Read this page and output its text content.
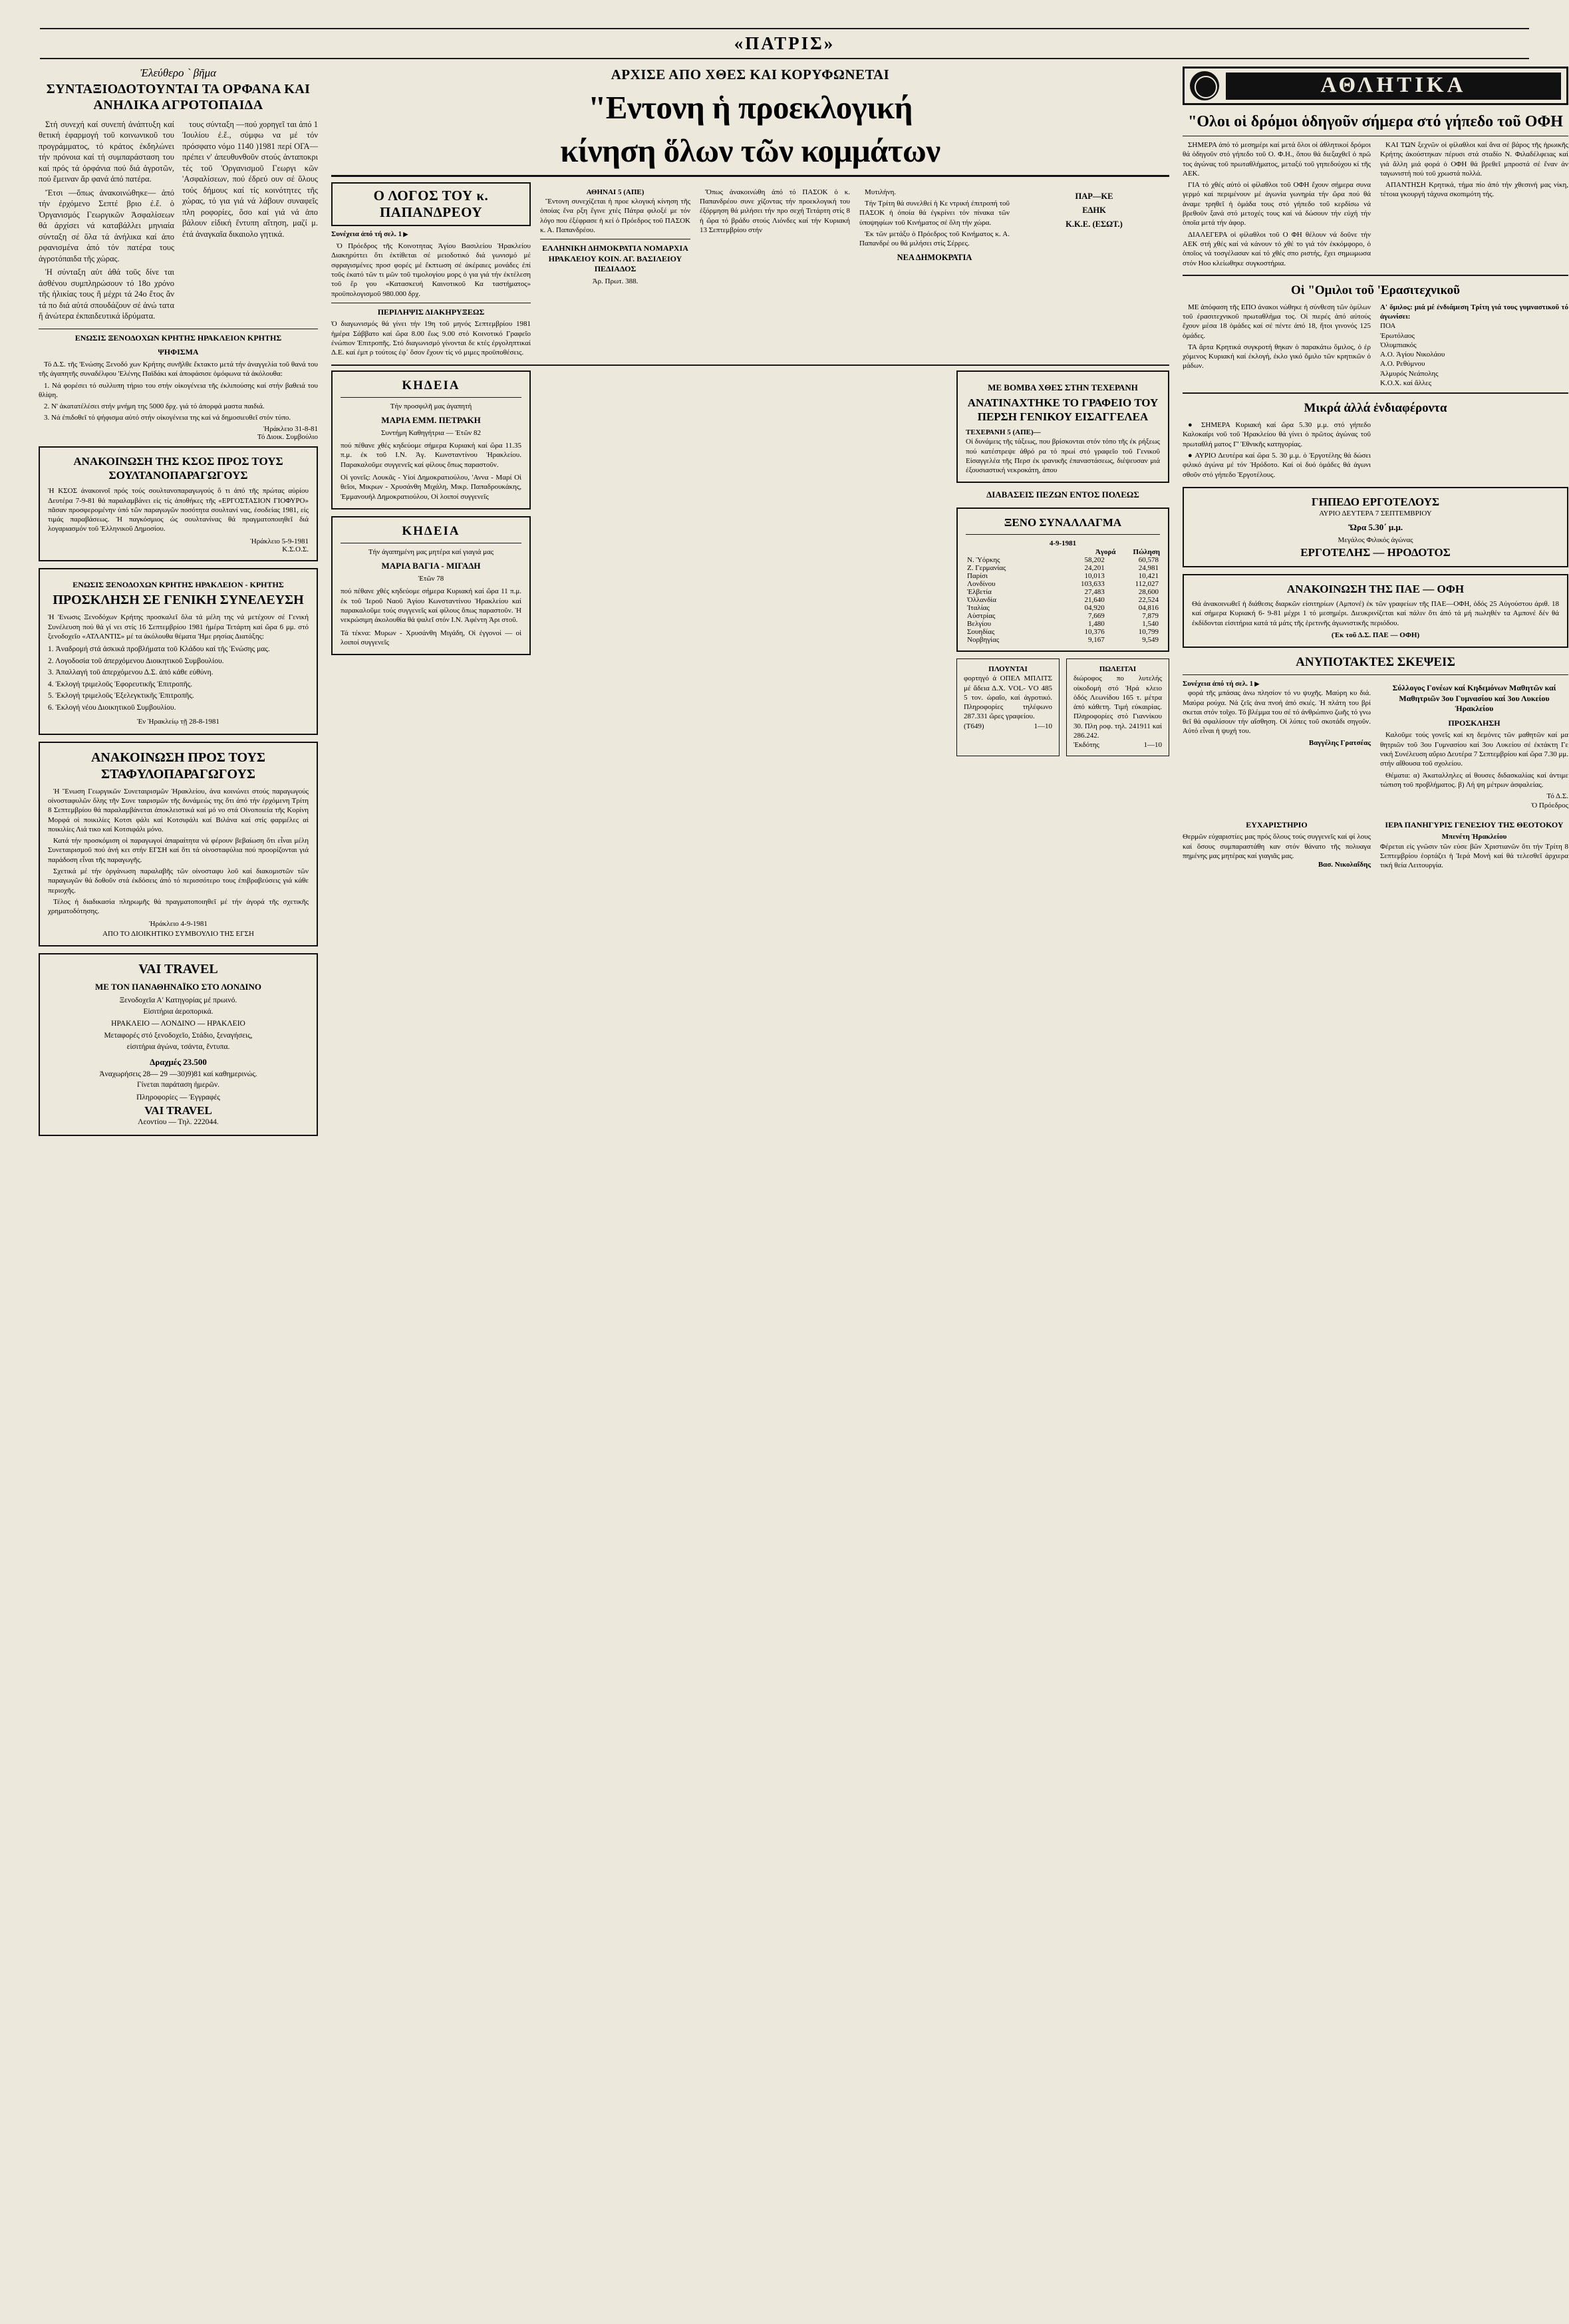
«ΠΑΤΡΙΣ»
Ἐλεύθερο ` βῆμα
ΣΥΝΤΑΞΙΟΔΟΤΟΥΝΤΑΙ ΤΑ ΟΡΦΑΝΑ ΚΑΙ ΑΝΗΛΙΚΑ ΑΓΡΟΤΟΠΑΙΔΑ

Στή συνεχή καί συνεπή ἀνάπτυξη καί θετική ἐφαρμογή τοῦ κοινωνικοῦ του προγράμματος, τό κράτος ἐκδηλώνει τήν πρόνοια καί τή συμπαράσταση του καί πρός τά ὀρφάνια πού διά ἀγροτῶν, πού ἔμειναν ἄρ φανά ἀπό πατέρα.

Ἔτσι —ὅπως ἀνακοινώθηκε— ἀπό τήν ἐρχόμενο Σεπτέ βριο ἐ.ἔ. ὁ Ὀργανισμός Γεωργικῶν Ἀσφαλίσεων θά ἀρχίσει νά καταβάλλει μηνιαία σύνταξη σέ ὅλα τά ἀνήλικα καί ἀπο ρφανισμένα ἀπό τόν πατέρα τους ἀγροτόπαιδα τῆς χώρας.

Ἡ σύνταξη αὐτ ἀθά τοῦς δίνε ται ἀσθένου συμπληρώσουν τό 18ο χρόνο τῆς ἡλικίας τους ἤ μέχρι τά 24ο ἔτος ἄν τά πο διά αὐτά σπουδάζουν σέ ἀνώ τατα ἤ ἀνώτερα ἐκπαιδευτικά ἱδρύματα.

τους σύνταξη —πού χορηγεῖ ται ἀπό 1 Ἰουλίου ἐ.ἔ., σύμφω να μέ τόν πρόσφατο νόμο 1140 )1981 περί ΟΓΑ— πρέπει ν' ἀπευθυνθοῦν στούς ἀνταποκρι τές τοῦ 'Οργανισμοῦ Γεωργι κῶν 'Ασφαλίσεων, πού ἐδρεύ ουν σέ ὅλους τούς δήμους καί τίς κοινότητες τῆς χώρας, τό για γιά νά λάβουν συναφεῖς πλη ροφορίες, ὅσο καί γιά νά ἀπο βάλουν εἰδική ἔντυπη αἴτηση, μαζί μ. ἐτά ἀναγκαῖα δικαιολο γητικά.

ΕΝΩΣΙΣ ΞΕΝΟΔΟΧΩΝ ΚΡΗΤΗΣ ΗΡΑΚΛΕΙΟΝ ΚΡΗΤΗΣ
ΨΗΦΙΣΜΑ

Τό Δ.Σ. τῆς 'Ενώσης Ξενοδό χων Κρήτης συνῆλθε ἔκτακτο μετά τήν ἀναγγελία τοῦ θανά του τῆς ἀγαπητῆς συναδέλφου 'Ελένης Παϊδάκι καί ἀποφάσισε ὁμόφωνα τά ἀκόλουθα:

1. Νά φορέσει τό συλλυπη τήριο του στήν οἰκογένεια τῆς ἐκλιπούσης καί στήν βαθειά του θλίψη.

2. Ν' ἀκατατέλέσει στήν μνήμη της 5000 δρχ. γιά τό ἀπορφά μαστα παιδιά.

3. Νά ἐπιδοθεῖ τό ψήφισμα αὐτό στήν οἰκογένεια της καί νά δημοσιευθεῖ στόν τύπο.

Ἡράκλειο 31-8-81
Τό Διοικ. Συμβούλιο
ΑΝΑΚΟΙΝΩΣΗ ΤΗΣ ΚΣΟΣ ΠΡΟΣ ΤΟΥΣ ΣΟΥΛΤΑΝΟΠΑΡΑΓΩΓΟΥΣ
Ἡ ΚΣΟΣ ἀνακοινοῖ πρός τούς σουλτανοπαραγωγούς ὅ τι ἀπό τῆς πρώτας αὐρίου Δευτέρα 7-9-81 θά παραλαμβάνει εἰς τίς ἀποθήκες τῆς «ΕΡΓΟΣΤΑΣΙΟΝ ΓΙΟΦΥΡΟ» πᾶσαν προσφερομένην ὑπό τῶν παραγωγῶν ποσότητα σουλτανί νας, ἐσοδείας 1981, εἰς τιμάς παραβάσεως. Ἡ παγκόσμιος ὡς σουλτανίνας θά πραγματοποιηθεῖ διά λογαριασμόν τοῦ Ἑλληνικοῦ Δημοσίου.
Ἡράκλειο 5-9-1981
Κ.Σ.Ο.Σ.
ΕΝΩΣΙΣ ΞΕΝΟΔΟΧΩΝ ΚΡΗΤΗΣ ΗΡΑΚΛΕΙΟΝ - ΚΡΗΤΗΣ
ΠΡΟΣΚΛΗΣΗ ΣΕ ΓΕΝΙΚΗ ΣΥΝΕΛΕΥΣΗ
Ἡ 'Ενωσις Ξενοδόχων Κρήτης προσκαλεῖ ὅλα τά μέλη της νά μετέχουν σέ Γενική Συνέλευση πού θά γί νει στίς 16 Σεπτεμβρίου 1981 ἡμέρα Τετάρτη καί ὥρα 6 μμ. στό ξενοδοχεῖο «ΑΤΛΑΝΤΙΣ» μέ τα ἀκόλουθα θέματα 'Ημε ρησίας Διατάξης:
1. Ἀναδρομή στά ἀσκικά προβλήματα τοῦ Κλάδου καί τῆς Ἑνώσης μας.
2. Λογοδοσία τοῦ ἀπερχόμενου Διοικητικοῦ Συμβουλίου.
3. Ἀπαλλαγή τοῦ ἀπερχόμενου Δ.Σ. ἀπό κάθε εὐθύνη.
4. Ἐκλογή τριμελοῦς Ἐφορευτικῆς Ἐπιτροπῆς.
5. Ἐκλογή τριμελοῦς Ἐξελεγκτικῆς Ἐπιτροπῆς.
6. Ἐκλογή νέου Διοικητικοῦ Συμβουλίου.
Ἐν Ἡρακλείῳ τῇ 28-8-1981
ΑΝΑΚΟΙΝΩΣΗ ΠΡΟΣ ΤΟΥΣ ΣΤΑΦΥΛΟΠΑΡΑΓΩΓΟΥΣ

Ἡ Ἕνωση Γεωργικῶν Συνεταιρισμῶν Ἡρακλείου, ἀνα κοινώνει στούς παραγωγούς οἰνοσταφυλῶν ὅλης τῆν Συνε ταιρισμῶν τῆς δυνάμεώς της ὅτι ἀπό τήν ἐρχόμενη Τρίτη 8 Σεπτεμβρίου θά παραλαμβάνεται ἀποκλειστικά καί μό νο στά Οἰνοποιεία τῆς Κορίνη Μορφά οἱ ποικιλίες Κοτσι φάλι καί Κοτσιφάλι καί Βιλάνα καί στίς φαρμέλες αἱ ποικιλίες Λιά τικο καί Κοτσιφάλι μόνο.

Κατά τήν προσκόμιση οἱ παραγωγοί ἀπαραίτητα νά φέρουν βεβαίωση ὅτι εἶναι μέλη Συνεταιρισμοῦ πού ἀνή κει στήν ΕΓΣΗ καί ὅτι τά οἰνοσταφύλια πού προορίζονται γιά παράδοση εἶναι τῆς παραγωγῆς.

Σχετικά μέ τήν ὀργάνωση παραλαβῆς τῶν οἰνοσταφυ λοῦ καί διακομιστῶν τῶν παραγωγῶν θά δοθοῦν στά ἐκδόσεις ἀπό τό περισσότερο τους ἐπιβραβεύσεις γιά κάθε περιοχῆς.

Τέλος ἡ διαδικασία πληρωμῆς θά πραγματοποιηθεῖ μέ τήν ἀγορά τῆς σχετικῆς χρηματοδότησης.

Ἡράκλειο 4-9-1981
ΑΠΟ ΤΟ ΔΙΟΙΚΗΤΙΚΟ ΣΥΜΒΟΥΛΙΟ ΤΗΣ ΕΓΣΗ
VAI TRAVEL
ΜΕ ΤΟΝ ΠΑΝΑΘΗΝΑΪΚΟ ΣΤΟ ΛΟΝΔΙΝΟ
Ξενοδοχεῖα Α' Κατηγορίας μέ πρωινό.
Εἰσιτήρια ἀεροπορικά.
ΗΡΑΚΛΕΙΟ — ΛΟΝΔΙΝΟ — ΗΡΑΚΛΕΙΟ
Μεταφορές στό ξενοδοχεῖο, Στάδιο, ξεναγήσεις,
εἰσιτήρια ἀγώνα, τσάντα, ἔντυπα.
Δραχμές 23.500
Ἀναχωρήσεις 28— 29 —30)9)81 καί καθημερινώς.
Γίνεται παράταση ἡμερῶν.
Πληροφορίες — Ἐγγραφές
VAI TRAVEL
Λεοντίου — Τηλ. 222044.
ΑΡΧΙΣΕ ΑΠΟ ΧΘΕΣ ΚΑΙ ΚΟΡΥΦΩΝΕΤΑΙ
"Εντονη ἡ προεκλογική
κίνηση ὅλων τῶν κομμάτων
Ο ΛΟΓΟΣ ΤΟΥ κ. ΠΑΠΑΝΔΡΕΟΥ
Συνέχεια ἀπό τή σελ. 1 ▶

Ὁ Πρόεδρος τῆς Κοινοτητας Ἁγίου Βασιλείου Ἡρακλείου Διακηρύττει ὅτι ἐκτίθεται σέ μειοδοτικό διά γωνισμό μέ σφραγισμένες προσ φορές μέ ἔκπτωση σέ ἀκέραιες μονάδες ἐπί τοῦς ἑκατό τῶν τι μῶν τοῦ τιμολογίου μορς ὁ για γιά τήν ἐκτέλεση τοῦ ἔρ γου «Κατασκευή Καινοτικοῦ Κα ταστήματος» προϋπολογισμοῦ 980.000 δρχ.

ΠΕΡΙΛΗΨΙΣ ΔΙΑΚΗΡΥΞΕΩΣ
Ὁ διαγωνισμός θά γίνει τήν 19η τοῦ μηνός Σεπτεμβρίου 1981 ἡμέρα Σάββατο καί ὥρα 8.00 ἕως 9.00 στό Κοινοτικό Γραφεῖο ἐνώπιον Ἐπιτροπῆς. Στό διαγωνισμό γίνονται δε κτές ἐργοληπτικαί Δ.Ε. καί ἐμπ ρ τούτοις ἐφ᾽ ὅσον ἔχουν τίς νό μιμες προϋποθέσεις.
ΑΘΗΝΑΙ 5 (ΑΠΕ)

Ἔντονη συνεχίζεται ἡ προε κλογική κίνηση τῆς ὁποίας ἕνα ρξη ἔγινε χτές Πάτρα φιλοξέ με τόν λόγο που ἐξέφρασε ἡ κεί ὁ Πρόεδρος τοῦ ΠΑΣΟΚ κ. Α. Παπανδρέου.

ΕΛΛΗΝΙΚΗ ΔΗΜΟΚΡΑΤΙΑ ΝΟΜΑΡΧΙΑ ΗΡΑΚΛΕΙΟΥ ΚΟΙΝ. ΑΓ. ΒΑΣΙΛΕΙΟΥ ΠΕΔΙΑΔΟΣ
Ἀρ. Πρωτ. 388.

Ὅπως ἀνακοινώθη ἀπό τό ΠΑΣΟΚ ὁ κ. Παπανδρέου συνε χίζοντας τήν προεκλογική του ἐξόρμηση θά μιλήσει τήν προ σεχή Τετάρτη στίς 8 ἡ ὥρα τό βράδυ στούς Λιόνδες καί τήν Κυριακή 13 Σεπτεμβρίου στήν

Μυτιλήνη.

Τήν Τρίτη θά συνελθεί ἡ Κε ντρική ἐπιτροπή τοῦ ΠΑΣΟΚ ἡ ὁποία θά ἐγκρίνει τόν πίνακα τῶν ὑποψηφίων τοῦ Κινήματος σέ ὅλη τήν χώρα.

Ἐκ τῶν μετάξυ ὁ Πρόεδρος τοῦ Κινήματος κ. Α. Παπανδρέ ου θά μιλήσει στίς Σέρρες.

ΝΕΑ ΔΗΜΟΚΡΑΤΙΑ
ΠΑΡ—ΚΕ
ΕΔΗΚ
Κ.Κ.Ε. (ΕΣΩΤ.)
ΚΗΔΕΙΑ
Τήν προσφιλῆ μας ἀγαπητή
ΜΑΡΙΑ ΕΜΜ. ΠΕΤΡΑΚΗ
Συντήμη Καθηγήτρια — Ἐτῶν 82
πού πέθανε χθές κηδεύομε σήμερα Κυριακή καί ὥρα 11.35 π.μ. ἐκ τοῦ Ι.Ν. Ἁγ. Κωνσταντίνου Ἡρακλείου. Παρακαλοῦμε συγγενεῖς καί φίλους ὅπως παραστοῦν.
Οἱ γονεῖς: Λουκᾶς - Υἱοί Δημοκρατιούλου, 'Αννα - Μαρί Οἱ θεῖοι, Μικρων - Χρυσάνθη Μιχάλη, Μικρ. Παπαδρουκάκης, Ἐμμανουήλ Δημοκρατιούλου, Οἱ λοιποί συγγενεῖς
ΚΗΔΕΙΑ
Τήν ἀγαπημένη μας μητέρα καί γιαγιά μας
ΜΑΡΙΑ ΒΑΓΙΑ - ΜΙΓΑΔΗ
Ἐτῶν 78
πού πέθανε χθές κηδεύομε σήμερα Κυριακή καί ὥρα 11 π.μ. ἐκ τοῦ Ἱεροῦ Ναοῦ Ἁγίου Κωνσταντίνου Ἡρακλείου καί παρακαλοῦμε τούς συγγενεῖς καί φίλους ὅπως παραστοῦν. Ἡ νεκρώσιμη ἀκολουθία θά ψαλεῖ στόν Ι.Ν. Ἀφέντη Ἀρι στοῦ.
Τά τέκνα: Μυρων - Χρυσάνθη Μιγάδη, Οἱ ἐγγονοί — οἱ λοιποί συγγενεῖς
ΜΕ ΒΟΜΒΑ ΧΘΕΣ ΣΤΗΝ ΤΕΧΕΡΑΝΗ
ΑΝΑΤΙΝΑΧΤΗΚΕ ΤΟ ΓΡΑΦΕΙΟ ΤΟΥ ΠΕΡΣΗ ΓΕΝΙΚΟΥ ΕΙΣΑΓΓΕΛΕΑ
ΤΕΧΕΡΑΝΗ 5 (ΑΠΕ)—
Οἱ δυνάμεις τῆς τάξεως, που βρίσκονται στόν τόπο τῆς ἐκ ρήξεως πού κατέστρεψε ἀθρό ρα τό πρωί στό γραφεῖο τοῦ Γενικοῦ Εἰσαγγελέα τῆς Περσ ἐκ ιρανικῆς ἐπαναστάσεως, διέψευσαν μιά ἐξουσιαστική νεκροκάτη, ἀπου
ΔΙΑΒΑΣΕΙΣ ΠΕΖΩΝ ΕΝΤΟΣ ΠΟΛΕΩΣ
ΞΕΝΟ ΣΥΝΑΛΛΑΓΜΑ
4-9-1981
Ἀγορά Πώληση
Ν. Ὑόρκης	58,202	60,578
Ζ. Γερμανίας	24,201	24,981
Παρίσι	10,013	10,421
Λονδίνου	103,633	112,027
Ἐλβετία	27,483	28,600
Ὁλλανδία	21,640	22,524
Ἰταλίας	04,920	04,816
Αὐστρίας	7,669	7,879
Βελγίου	1,480	1,540
Σουηδίας	10,376	10,799
Νορβηγίας	9,167	9,549
ΠΛΟΥΝΤΑΙ
φορτηγό ἀ ΟΠΕΛ ΜΠΛΙΤΣ μέ ἄδεια Δ.Χ. VOL- VO 485 5 τον. ὡραῖο, καί ἀγροτικό. Πληροφορίες τηλέφωνο 287.331 ὥρες γραφείου.
(Τ649)	1—10
ΠΩΛΕΙΤΑΙ
διώροφος πο λυτελής οἰκοδομή στό Ἡρά κλειο ὁδός Λεωνίδου 165 τ. μέτρα ἀπό κάθετη. Τιμή εὐκαιρίας. Πληροφορίες στό Γιαννίκου 30. Πλη ροφ. τηλ. 241911 καί 286.242.
Ἐκδότης	1—10
ΑΘΛΗΤΙΚΑ
"Ολοι οἱ δρόμοι ὁδηγοῦν σήμερα στό γήπεδο τοῦ ΟΦΗ

ΣΗΜΕΡΑ ἀπό τό μεσημέρι καί μετά ὅλοι οἱ ἀθλητικοί δρόμοι θά ὁδηγοῦν στό γήπεδο τοῦ Ο. Φ.Η., ὅπου θά διεξαχθεῖ ὁ πρῶ τος ἀγώνας τοῦ πρωταθλήματος, μεταξύ τοῦ γηπεδούχου κί τῆς ΑΕΚ.

ΓΙΑ τό χθές αὐτό οἱ φίλαθλοι τοῦ ΟΦΗ ἔχουν σήμερα συνα γερμό καί περιμένουν μέ ἀγωνία γωνηρία τήν ὥρα πού θά ἀναμε τρηθεῖ ἡ ὁμάδα τους στό γήπεδο τοῦ κερδίσω νά βρεθοῦν ξανά στό μετοχές τους καί νά δώσουν τήν εὐχή τήν ὁποῖα μετά τήν ἀφορ.

ΔΙΑΛΕΓΕΡΑ οἱ φίλαθλοι τοῦ Ο ΦΗ θέλουν νά δοῦνε τήν ΑΕΚ στή χθές καί νά κάνουν τό χθέ το γιά τόν ἐκκόμφορο, ὁ ὁποῖος νά τοσγέλασαν καί τό χθές σπο ριστής, ἔχει σημωμωσα στόν Ηοο κλείωθηκε συγκοστήρια.

ΚΑΙ ΤΩΝ ξεχνῶν οἱ φίλαθλοι καί ἄνα σέ βάρος τῆς ἡρωικῆς Κρήτης ἀκούστηκαν πέρυσι στά σταδίο Ν. Φιλαδέλφειας καί γιά ἄλλη μιά φορά ὁ ΟΦΗ θά βρεθεῖ μπροστά σέ ἕναν ἀν ταγωνιστή πού τοῦ χρωστά πολλά.

ΑΠΑΝΤΗΣΗ Κρητικά, τήμα πίο ἀπό τήν χθεσινή μας νίκη, τέτοια γκουργή τάχυνα σκοπιμότη τής.

Οἱ "Ομιλοι τοῦ 'Ερασιτεχνικοῦ

ΜΕ ἀπόφαση τῆς ΕΠΟ ἀνακοι νώθηκε ἡ σύνθεση τῶν ὁμίλων τοῦ ἐρασιτεχνικοῦ πρωταθλήμα τος. Οἱ πιερές ἀπό αὐτούς ἔχουν μέσα 18 ὁμάδες καί σέ πέντε ἀπό 18, ἤτοι γινονός 125 ὁμάδες.

ΤΑ ἄρτα Κρητικά συγκροτή θηκαν ὁ παρακάτω ὅμιλος, ὁ ἐρ χόμενος Κυριακή καί ἐκλογή, ἐκλο γικό ὅμιλο τῶν κρητικῶν ὁ μάδων.

Α' ὅμιλος: μιά μέ ἐνδιάμεση Τρίτη γιά τους γυμναστικοῦ τό ἀγωνίσει:
ΠΟΑ
Ἐρωτόλαος
Ὀλυμπιακός
Α.Ο. Ἁγίου Νικολάου
Α.Ο. Ρεθύμνου
Ἀλμυρός Νεάπολης
Κ.Ο.Χ. καί ἄλλες
Μικρά ἀλλά ἐνδιαφέροντα

● ΣΗΜΕΡΑ Κυριακή καί ὥρα 5.30 μ.μ. στό γήπεδο Καλοκαίρι νοῦ τοῦ Ἡρακλείου θά γίνει ὁ πρῶτος ἀγώνας τοῦ πρωταθλή ματος Γ' Ἐθνικῆς κατηγορίας.

● ΑΥΡΙΟ Δευτέρα καί ὥρα 5. 30 μ.μ. ὁ Ἐργοτέλης θά δώσει φιλικό ἀγώνα μέ τόν Ἡρόδοτο. Καί οἱ δυό ὁμάδες θά ἀγωνι σθοῦν στό γήπεδο Ἐργοτέλους.

ΓΗΠΕΔΟ ΕΡΓΟΤΕΛΟΥΣ
ΑΥΡΙΟ ΔΕΥΤΕΡΑ 7 ΣΕΠΤΕΜΒΡΙΟΥ
Ὥρα 5.30΄ μ.μ.
Μεγάλος Φιλικός ἀγώνας
ΕΡΓΟΤΕΛΗΣ — ΗΡΟΔΟΤΟΣ
ΑΝΑΚΟΙΝΩΣΗ ΤΗΣ ΠΑΕ — ΟΦΗ
Θά ἀνακοινωθεῖ ἡ διάθεσις διαρκῶν εἰσιτηρίων (Αμπονέ) ἐκ τῶν γραφείων τῆς ΠΑΕ—ΟΦΗ, ὁδός 25 Αὐγούστου ἀριθ. 18 καί σήμερα Κυριακή 6- 9-81 μέχρι 1 τό μεσημέρι. Διευκρινίζεται καί πάλιν ὅτι ἀπό τά μή πωληθέν τα Αμπονέ δέν θά ἐκδίδονται εἰσιτήρια κατά τά μάτς τῆς ἑρετινῆς ἀγωνιστικῆς περιόδου.
(Ἐκ τοῦ Δ.Σ. ΠΑΕ — ΟΦΗ)
ΑΝΥΠΟΤΑΚΤΕΣ ΣΚΕΨΕΙΣ
Συνέχεια ἀπό τή σελ. 1 ▶

φορά τῆς μπάσας ἀνω πλησίον τό νυ ψυχῆς. Μαύρη κυ διά. Μαύρα ρούχα. Νά ζεῖς ἀνα πνοή ἀπό σκιές. Ἡ πλάτη του βρί σκεται στόν τοῖχο. Τό βλέμμα του σέ τό ἀνθρώπινο ζωῆς τό γνω θεῖ θά σφαλίσουν τήν αἴσθηση. Οἱ λύπες τοῦ σκοτάδι σηγοῦν. Αὐτό εἶναι ἡ ψυχή του.

Βαγγέλης Γρατσέας
Σύλλογος Γονέων καί Κηδεμόνων Μαθητῶν καί Μαθητριῶν 3ου Γυμνασίου καί 3ου Λυκείου Ἡρακλείου
ΠΡΟΣΚΛΗΣΗ

Καλοῦμε τούς γονεῖς καί κη δεμόνες τῶν μαθητῶν καί μα θητριῶν τοῦ 3ου Γυμνασίου καί 3ου Λυκείου σέ ἐκτάκτη Γε νική Συνέλευση αὔριο Δευτέρα 7 Σεπτεμβρίου καί ὥρα 7.30 μμ. στήν αἴθουσα τοῦ σχολείου.

Θέματα: α) Ἀκαταλληλες αἰ θουσες διδασκαλίας καί ἀντιμε τώπιση τοῦ προβλήματος. β) Λή ψη μέτρων ἀσφαλείας.

Τό Δ.Σ.
Ὁ Πρόεδρος
ΕΥΧΑΡΙΣΤΗΡΙΟ
Θερμῶν εὐχαριστίες μας πρός ὅλους τούς συγγενεῖς καί φί λους καί ὅσους συμπαραστάθη καν στόν θάνατο τῆς πολυαγα πημένης μας μητέρας καί γιαγιᾶς μας.
Βασ. Νικολαΐδης
ΙΕΡΑ ΠΑΝΗΓΥΡΙΣ ΓΕΝΕΣΙΟΥ ΤΗΣ ΘΕΟΤΟΚΟΥ
Μπενέτη Ἡρακλείου
Φέρεται εἰς γνῶσιν τῶν εὐσε βῶν Χριστιανῶν ὅτι τήν Τρίτη 8 Σεπτεμβρίου ἑορτάζει ἡ Ἱερά Μονή καί θά τελεσθεῖ ἀρχιερα τική θεία Λειτουργία.
